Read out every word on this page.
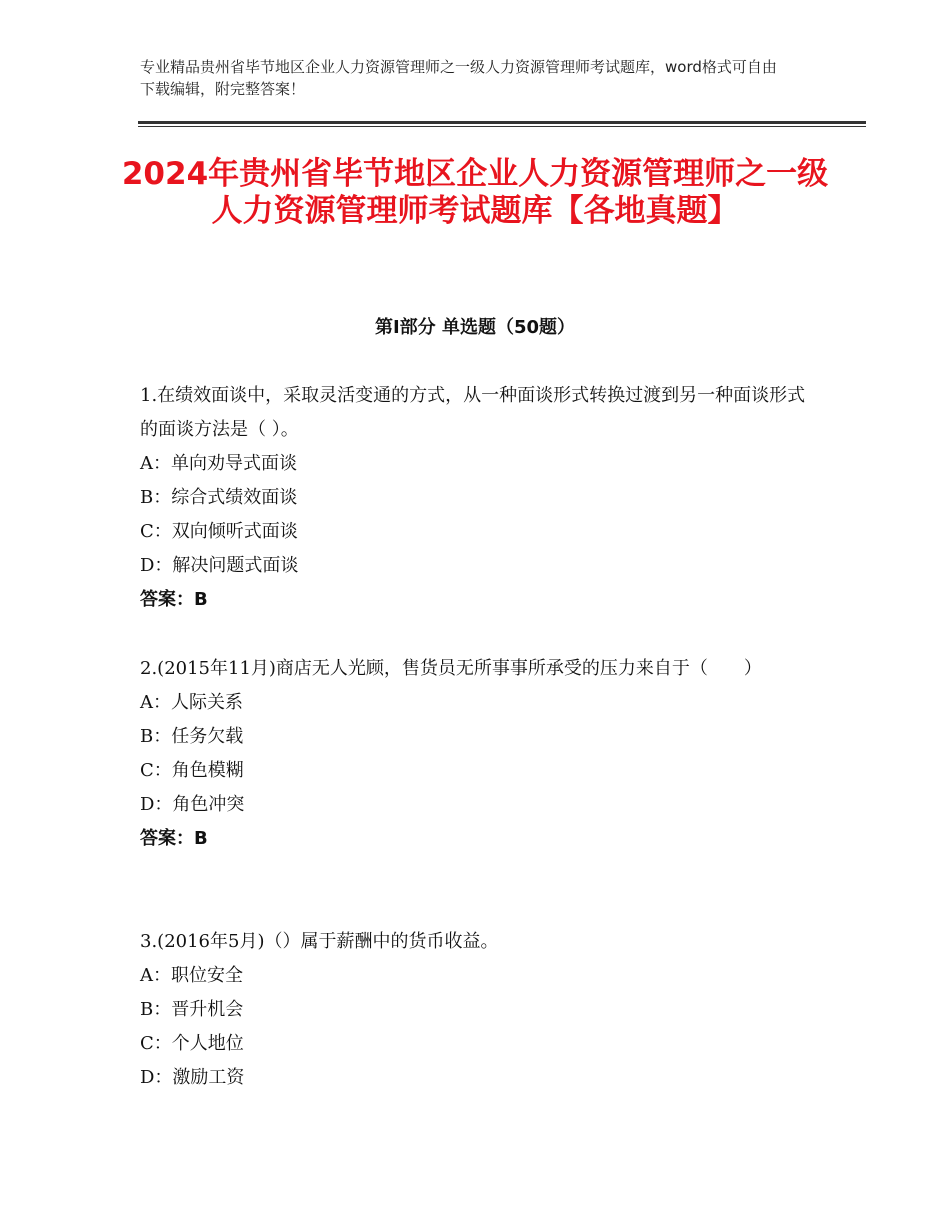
专业精品贵州省毕节地区企业人力资源管理师之一级人力资源管理师考试题库，word格式可自由下载编辑，附完整答案！
2024年贵州省毕节地区企业人力资源管理师之一级人力资源管理师考试题库【各地真题】
第Ⅰ部分 单选题（50题）
1.在绩效面谈中，采取灵活变通的方式，从一种面谈形式转换过渡到另一种面谈形式的面谈方法是（ ）。
A：单向劝导式面谈
B：综合式绩效面谈
C：双向倾听式面谈
D：解决问题式面谈
答案：B
2.(2015年11月)商店无人光顾，售货员无所事事所承受的压力来自于（　　）
A：人际关系
B：任务欠载
C：角色模糊
D：角色冲突
答案：B
3.(2016年5月)（）属于薪酬中的货币收益。
A：职位安全
B：晋升机会
C：个人地位
D：激励工资
